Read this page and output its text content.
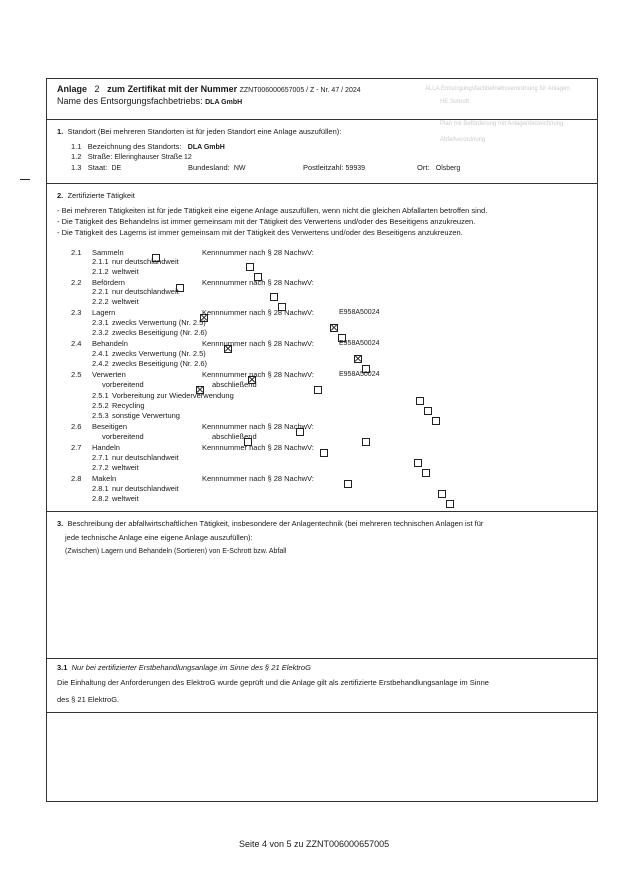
ALLA Entsorgungsfachbetriebsverordnung für Anlagen
HE Schrott
Plan mit Beförderung mit Anlagenbezeichnung
Abfallverordnung
Anlage 2 zum Zertifikat mit der Nummer ZZNT006000657005 / Z - Nr. 47 / 2024
Name des Entsorgungsfachbetriebs: DLA GmbH
1. Standort (Bei mehreren Standorten ist für jeden Standort eine Anlage auszufüllen):
1.1 Bezeichnung des Standorts: DLA GmbH
1.2 Straße: Elleringhauser Straße 12
1.3 Staat: DE	Bundesland: NW	Postleitzahl: 59939	Ort: Olsberg
2. Zertifizierte Tätigkeit
- Bei mehreren Tätigkeiten ist für jede Tätigkeit eine eigene Anlage auszufüllen, wenn nicht die gleichen Abfallarten betroffen sind.
- Die Tätigkeit des Behandelns ist immer gemeinsam mit der Tätigkeit des Verwertens und/oder des Beseitigens anzukreuzen.
- Die Tätigkeit des Lagerns ist immer gemeinsam mit der Tätigkeit des Verwertens und/oder des Beseitigens anzukreuzen.
2.1 Sammeln	Kennnummer nach § 28 NachwV:
2.1.1 nur deutschlandweit
2.1.2 weltweit
2.2 Befördern	Kennnummer nach § 28 NachwV:
2.2.1 nur deutschlandweit
2.2.2 weltweit
2.3 Lagern	Kennnummer nach § 28 NachwV:	E958A50024
2.3.1 zwecks Verwertung (Nr. 2.5)
2.3.2 zwecks Beseitigung (Nr. 2.6)
2.4 Behandeln	Kennnummer nach § 28 NachwV:	E958A50024
2.4.1 zwecks Verwertung (Nr. 2.5)
2.4.2 zwecks Beseitigung (Nr. 2.6)
2.5 Verwerten	Kennnummer nach § 28 NachwV:	E958A50024
vorbereitend	abschließend
2.5.1 Vorbereitung zur Wiederverwendung
2.5.2 Recycling
2.5.3 sonstige Verwertung
2.6 Beseitigen	Kennnummer nach § 28 NachwV:
vorbereitend	abschließend
2.7 Handeln	Kennnummer nach § 28 NachwV:
2.7.1 nur deutschlandweit
2.7.2 weltweit
2.8 Makeln	Kennnummer nach § 28 NachwV:
2.8.1 nur deutschlandweit
2.8.2 weltweit
3. Beschreibung der abfallwirtschaftlichen Tätigkeit, insbesondere der Anlagentechnik (bei mehreren technischen Anlagen ist für
jede technische Anlage eine eigene Anlage auszufüllen):
(Zwischen) Lagern und Behandeln (Sortieren) von E-Schrott bzw. Abfall
3.1 Nur bei zertifizierter Erstbehandlungsanlage im Sinne des § 21 ElektroG
Die Einhaltung der Anforderungen des ElektroG wurde geprüft und die Anlage gilt als zertifizierte Erstbehandlungsanlage im Sinne
des § 21 ElektroG.
Seite 4 von 5 zu ZZNT006000657005
